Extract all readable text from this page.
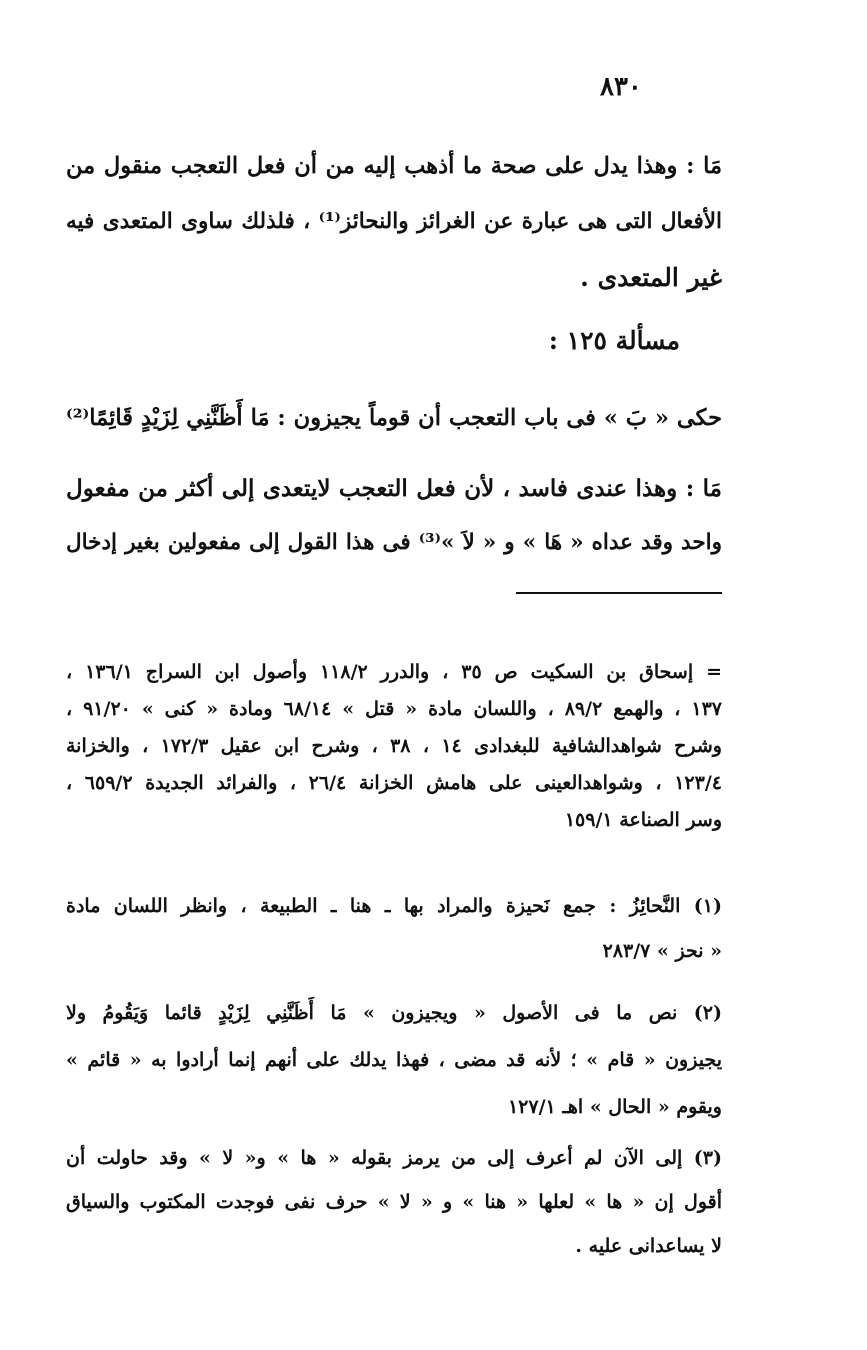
٨٣٠
مَا : وهذا يدل على صحة ما أذهب إليه من أن فعل التعجب منقول من
الأفعال التى هى عبارة عن الغرائز والنحائز⁽¹⁾ ، فلذلك ساوى المتعدى فيه
غير المتعدى .
مسألة ١٢٥ :
حكى « بَ » فى باب التعجب أن قوماً يجيزون : مَا أَظَنَّنِي لِزَيْدٍ قَائِمًا⁽²⁾
مَا : وهذا عندى فاسد ، لأن فعل التعجب لايتعدى إلى أكثر من مفعول
واحد وقد عداه « هَا » و « لاَ »⁽³⁾ فى هذا القول إلى مفعولين بغير إدخال
= إسحاق بن السكيت ص ٣٥ ، والدرر ١١٨/٢ وأصول ابن السراج ١٣٦/١ ،
١٣٧ ، والهمع ٨٩/٢ ، واللسان مادة « قتل » ٦٨/١٤ ومادة « كنى » ٩١/٢٠ ،
وشرح شواهدالشافية للبغدادى ١٤ ، ٣٨ ، وشرح ابن عقيل ١٧٢/٣ ، والخزانة
١٢٣/٤ ، وشواهدالعينى على هامش الخزانة ٢٦/٤ ، والفرائد الجديدة ٦٥٩/٢ ،
وسر الصناعة ١٥٩/١
(١) النَّحائِزُ : جمع نَحيزة والمراد بها ـ هنا ـ الطبيعة ، وانظر اللسان مادة
« نحز » ٢٨٣/٧
(٢) نص ما فى الأصول « ويجيزون » مَا أَظَنَّنِي لِزَيْدٍ قائما وَيَقُومُ ولا
يجيزون « قام » ؛ لأنه قد مضى ، فهذا يدلك على أنهم إنما أرادوا به « قائم »
ويقوم « الحال » اهـ ١٢٧/١
(٣) إلى الآن لم أعرف إلى من يرمز بقوله « ها » و« لا » وقد حاولت أن
أقول إن « ها » لعلها « هنا » و « لا » حرف نفى فوجدت المكتوب والسياق
لا يساعدانى عليه .
